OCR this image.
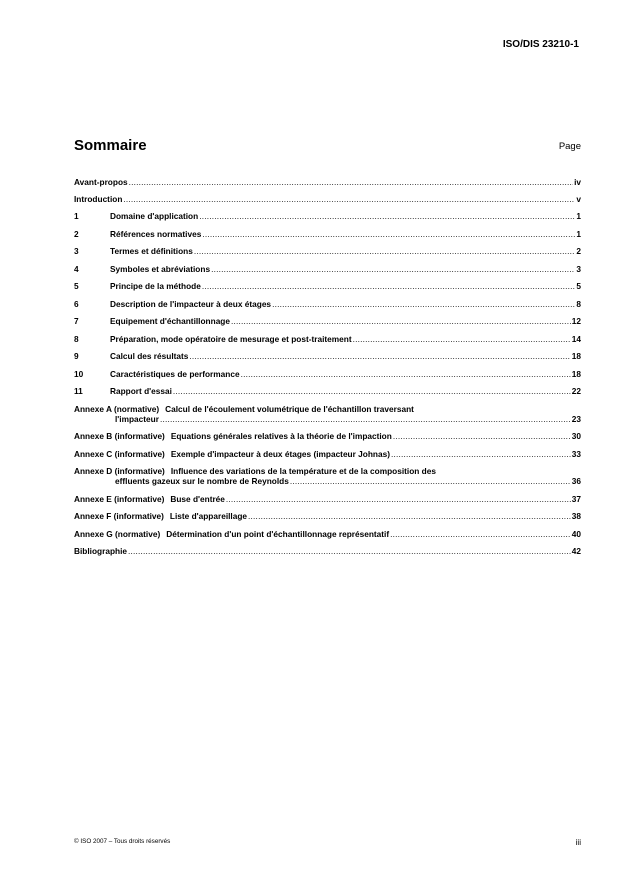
ISO/DIS 23210-1
Sommaire	Page
Avant-propos .....	iv
Introduction .....	v
1	Domaine d'application .....	1
2	Références normatives .....	1
3	Termes et définitions .....	2
4	Symboles et abréviations .....	3
5	Principe de la méthode .....	5
6	Description de l'impacteur à deux étages .....	8
7	Equipement d'échantillonnage .....	12
8	Préparation, mode opératoire de mesurage et post-traitement .....	14
9	Calcul des résultats .....	18
10	Caractéristiques de performance .....	18
11	Rapport d'essai .....	22
Annexe A (normative) Calcul de l'écoulement volumétrique de l'échantillon traversant
l'impacteur .....	23
Annexe B (informative) Equations générales relatives à la théorie de l'impaction .....	30
Annexe C (informative) Exemple d'impacteur à deux étages (impacteur Johnas) .....	33
Annexe D (informative) Influence des variations de la température et de la composition des
effluents gazeux sur le nombre de Reynolds .....	36
Annexe E (informative) Buse d'entrée .....	37
Annexe F (informative) Liste d'appareillage .....	38
Annexe G (normative) Détermination d'un point d'échantillonnage représentatif .....	40
Bibliographie .....	42
© ISO 2007 – Tous droits réservés	iii
